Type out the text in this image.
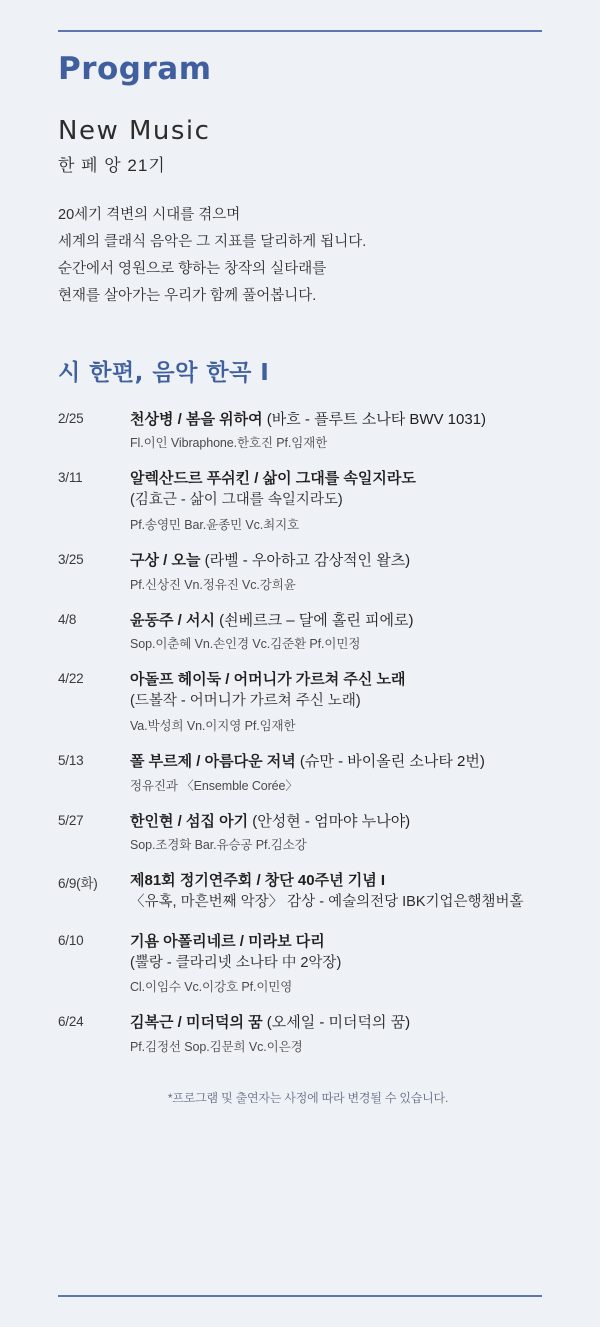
Program
New Music
한 페 앙 21기
20세기 격변의 시대를 겪으며
세계의 클래식 음악은 그 지표를 달리하게 됩니다.
순간에서 영원으로 향하는 창작의 실타래를
현재를 살아가는 우리가 함께 풀어봅니다.
시 한편, 음악 한곡 I
2/25	천상병 / 봄을 위하여 (바흐 - 플루트 소나타 BWV 1031)
Fl.이인 Vibraphone.한호진 Pf.임재한
3/11	알렉산드르 푸쉬킨 / 삶이 그대를 속일지라도
(김효근 - 삶이 그대를 속일지라도)
Pf.송영민 Bar.윤종민 Vc.최지호
3/25	구상 / 오늘 (라벨 - 우아하고 감상적인 왈츠)
Pf.신상진 Vn.정유진 Vc.강희윤
4/8	윤동주 / 서시 (쇤베르크 – 달에 홀린 피에로)
Sop.이춘혜 Vn.손인경 Vc.김준환 Pf.이민정
4/22	아돌프 헤이둑 / 어머니가 가르쳐 주신 노래
(드볼작 - 어머니가 가르쳐 주신 노래)
Va.박성희 Vn.이지영 Pf.임재한
5/13	폴 부르제 / 아름다운 저녁 (슈만 - 바이올린 소나타 2번)
정유진과 〈Ensemble Corée〉
5/27	한인현 / 섬집 아기 (안성현 - 엄마야 누나야)
Sop.조경화 Bar.유승공 Pf.김소강
6/9(화)	제81회 정기연주회 / 창단 40주년 기념 I
〈유혹, 마흔번째 악장〉 감상 - 예술의전당 IBK기업은행챔버홀
6/10	기욤 아폴리네르 / 미라보 다리
(뿔랑 - 클라리넷 소나타 中 2악장)
Cl.이임수 Vc.이강호 Pf.이민영
6/24	김복근 / 미더덕의 꿈 (오세일 - 미더덕의 꿈)
Pf.김정선 Sop.김문희 Vc.이은경
*프로그램 및 출연자는 사정에 따라 변경될 수 있습니다.
